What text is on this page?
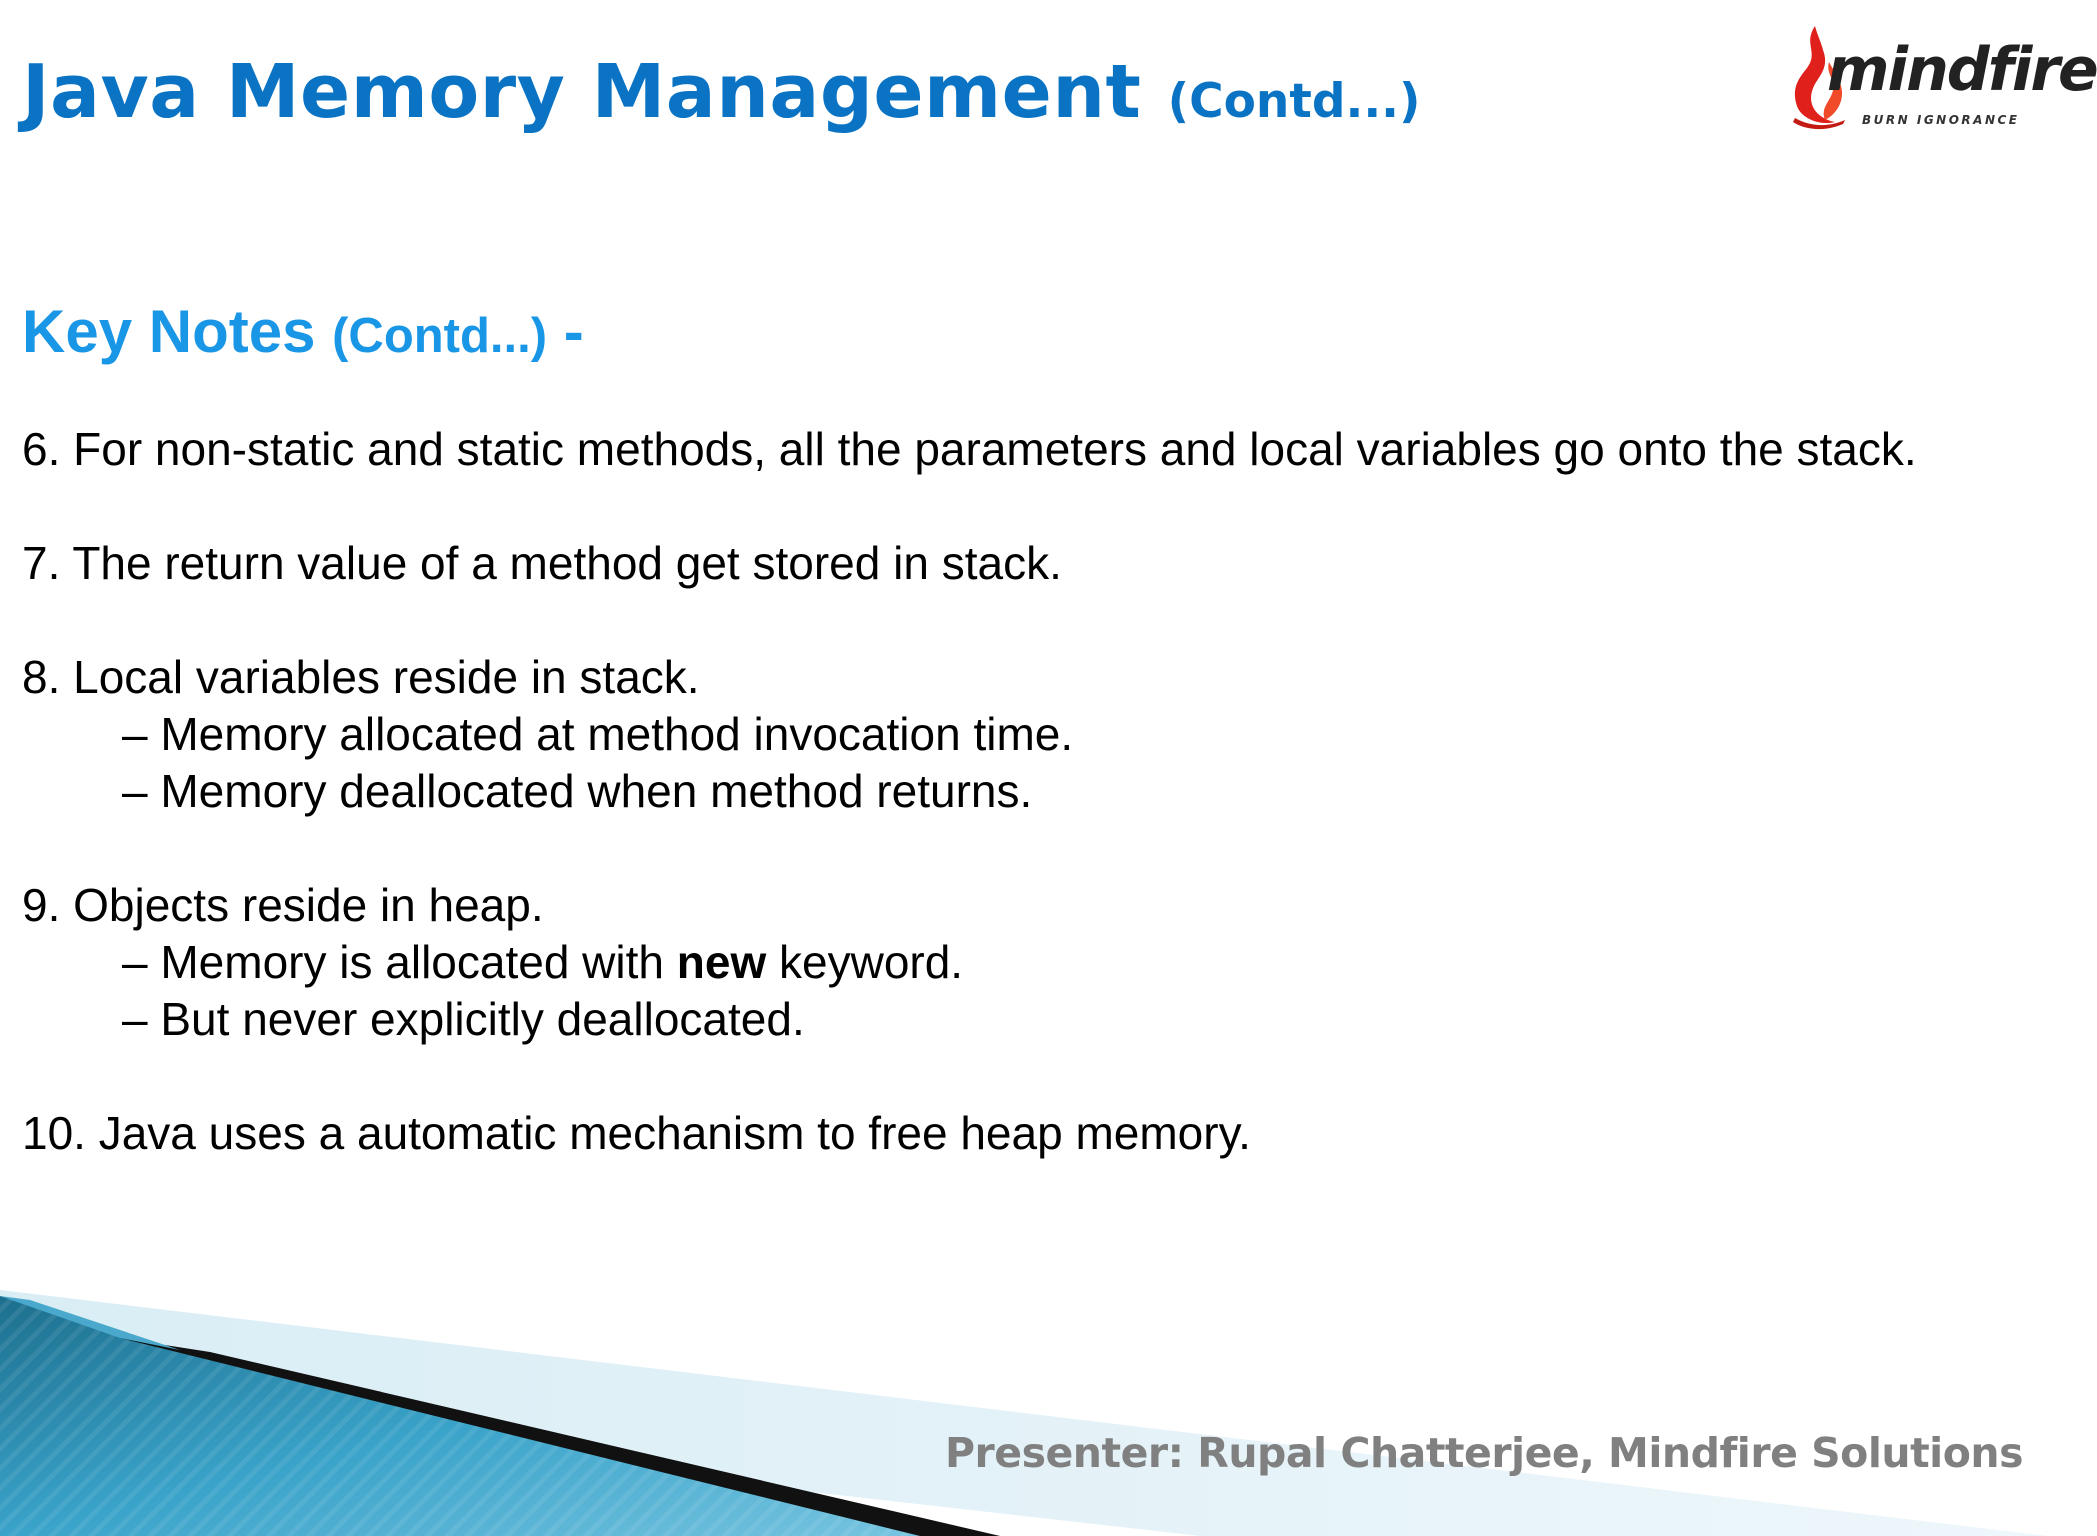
Java Memory Management (Contd...)	mindfire
BURN IGNORANCE
Key Notes (Contd...) -

6. For non-static and static methods, all the parameters and local variables go onto the stack.

7. The return value of a method get stored in stack.

8. Local variables reside in stack.

– Memory allocated at method invocation time.

– Memory deallocated when method returns.

9. Objects reside in heap.

– Memory is allocated with new keyword.

– But never explicitly deallocated.

10. Java uses a automatic mechanism to free heap memory.

Presenter: Rupal Chatterjee, Mindfire Solutions
